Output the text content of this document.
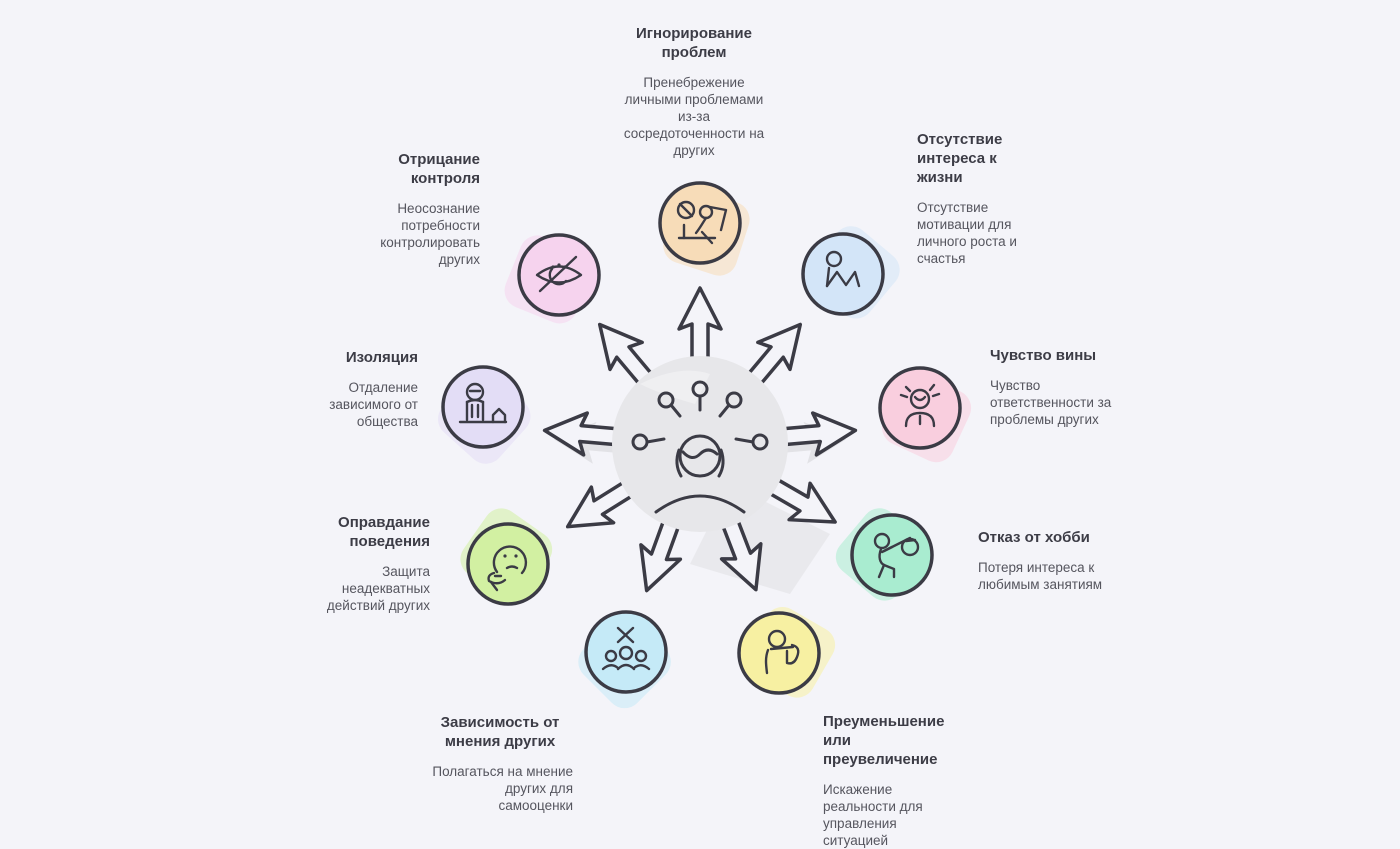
Игнорирование проблем
Пренебрежение личными проблемами из-за сосредоточенности на других
Отсутствие интереса к жизни
Отсутствие мотивации для личного роста и счастья
Чувство вины
Чувство ответственности за проблемы других
Отказ от хобби
Потеря интереса к любимым занятиям
Преуменьшение или преувеличение
Искажение реальности для управления ситуацией
Зависимость от мнения других
Полагаться на мнение других для самооценки
Оправдание поведения
Защита неадекватных действий других
Изоляция
Отдаление зависимого от общества
Отрицание контроля
Неосознание потребности контролировать других
